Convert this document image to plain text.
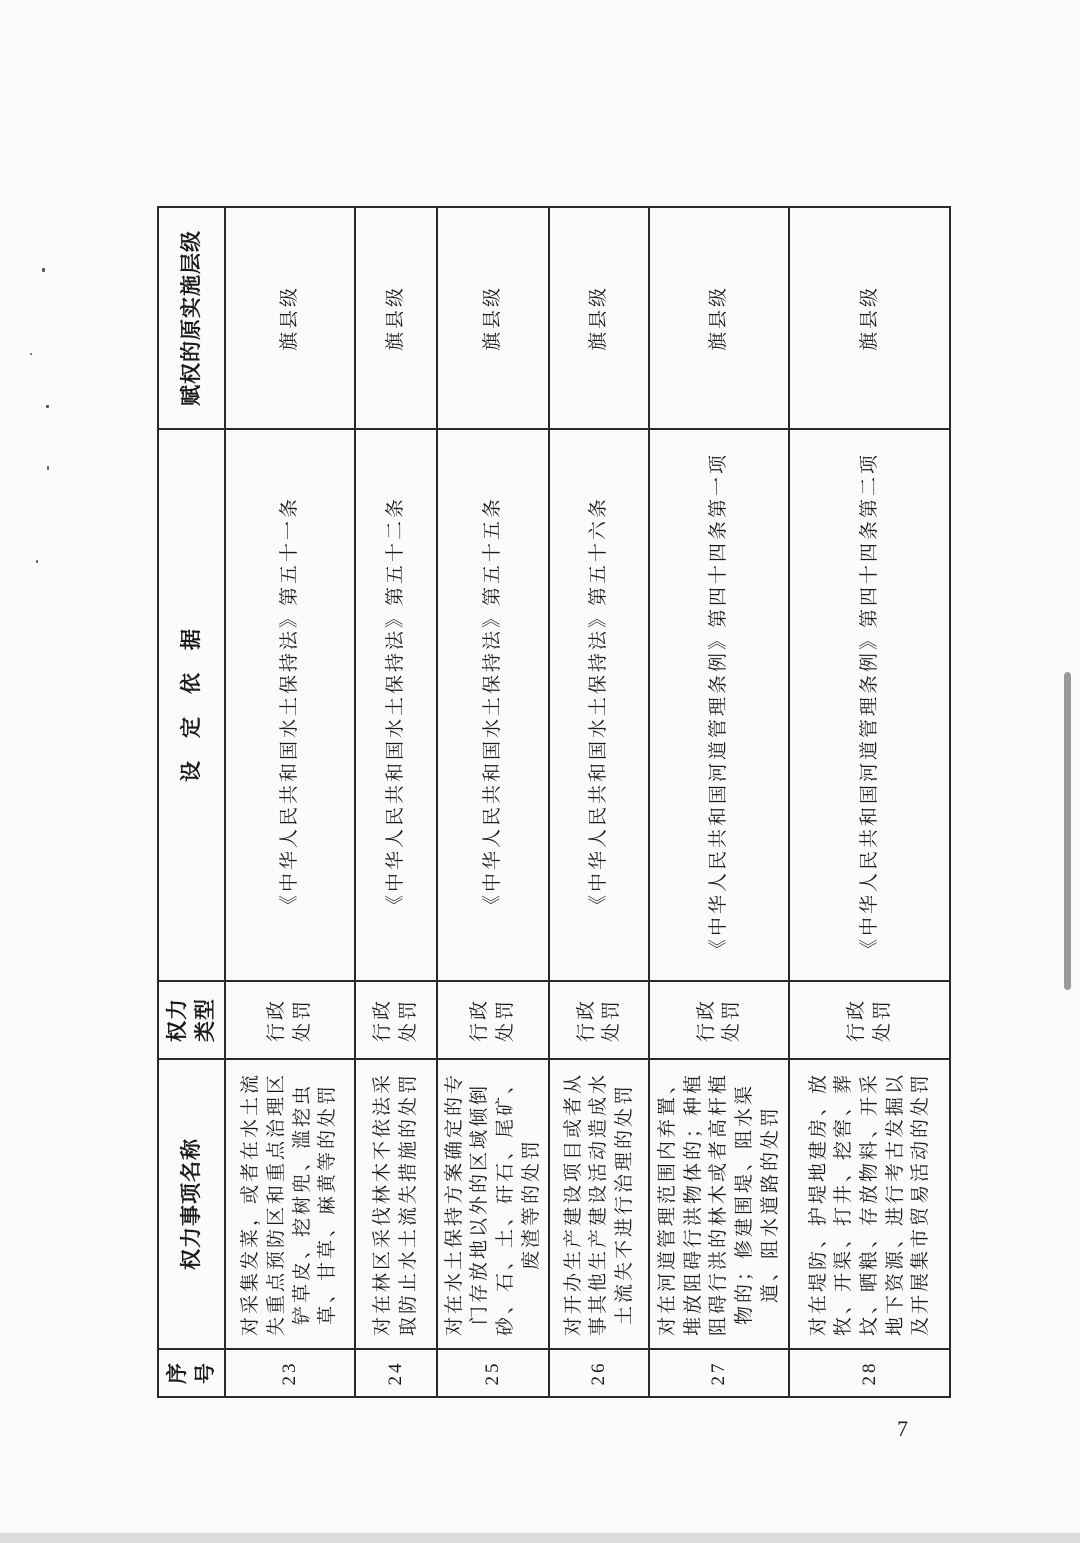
序号	权力事项名称	权力类型	设　定　依　据	赋权的原实施层级
23	对采集发菜，或者在水土流失重点预防区和重点治理区铲草皮、挖树兜、滥挖虫草、甘草、麻黄等的处罚	行政处罚	《中华人民共和国水土保持法》第五十一条	旗县级
24	对在林区采伐林木不依法采取防止水土流失措施的处罚	行政处罚	《中华人民共和国水土保持法》第五十二条	旗县级
25	对在水土保持方案确定的专门存放地以外的区域倾倒砂、石、土、矸石、尾矿、废渣等的处罚	行政处罚	《中华人民共和国水土保持法》第五十五条	旗县级
26	对开办生产建设项目或者从事其他生产建设活动造成水土流失不进行治理的处罚	行政处罚	《中华人民共和国水土保持法》第五十六条	旗县级
27	对在河道管理范围内弃置、堆放阻碍行洪物体的；种植阻碍行洪的林木或者高杆植物的；修建围堤、阻水渠道、阻水道路的处罚	行政处罚	《中华人民共和国河道管理条例》第四十四条第一项	旗县级
28	对在堤防、护堤地建房、放牧、开渠、打井、挖窖、葬坟、晒粮、存放物料、开采地下资源、进行考古发掘以及开展集市贸易活动的处罚	行政处罚	《中华人民共和国河道管理条例》第四十四条第二项	旗县级
7
